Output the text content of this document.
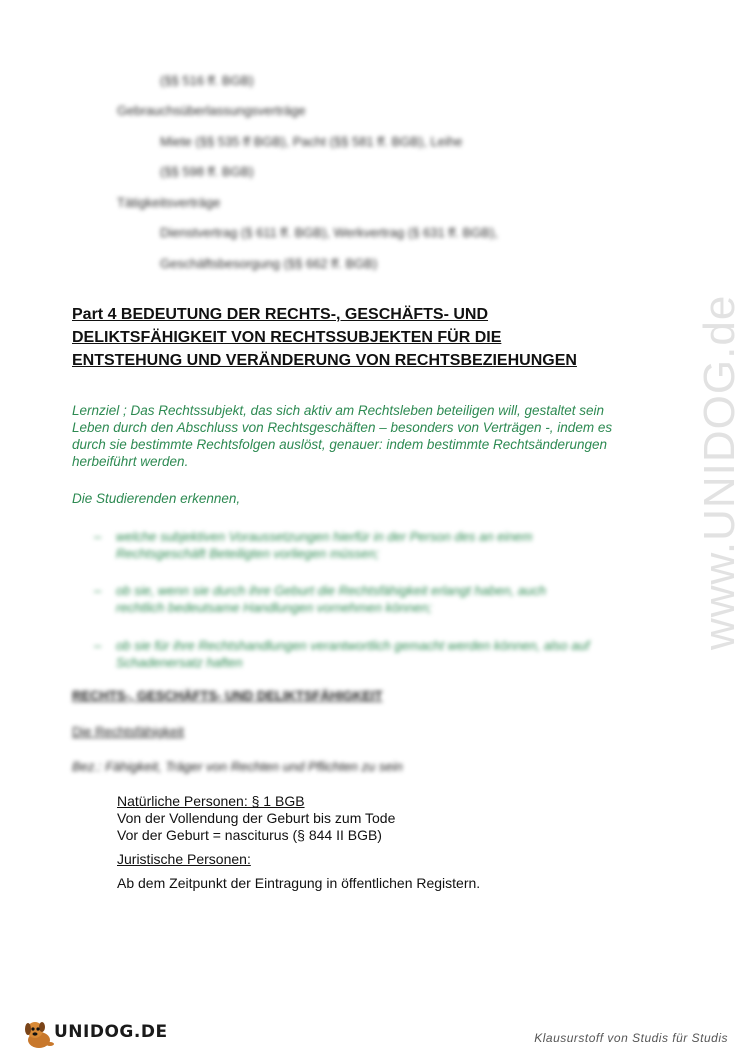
(§§ 516 ff. BGB)
Gebrauchsüberlassungsverträge
Miete (§§ 535 ff BGB), Pacht (§§ 581 ff. BGB), Leihe
(§§ 598 ff. BGB)
Tätigkeitsverträge
Dienstvertrag (§ 611 ff. BGB), Werkvertrag (§ 631 ff. BGB),
Geschäftsbesorgung (§§ 662 ff. BGB)
Part 4 BEDEUTUNG DER RECHTS-, GESCHÄFTS- UND
DELIKTSFÄHIGKEIT VON RECHTSSUBJEKTEN FÜR DIE
ENTSTEHUNG UND VERÄNDERUNG VON RECHTSBEZIEHUNGEN
Lernziel ; Das Rechtssubjekt, das sich aktiv am Rechtsleben beteiligen will, gestaltet sein
Leben durch den Abschluss von Rechtsgeschäften – besonders von Verträgen -, indem es
durch sie bestimmte Rechtsfolgen auslöst, genauer: indem bestimmte Rechtsänderungen
herbeiführt werden.
Die Studierenden erkennen,
– welche subjektiven Voraussetzungen hierfür in der Person des an einem
Rechtsgeschäft Beteiligten vorliegen müssen;
– ob sie, wenn sie durch ihre Geburt die Rechtsfähigkeit erlangt haben, auch
rechtlich bedeutsame Handlungen vornehmen können;
– ob sie für ihre Rechtshandlungen verantwortlich gemacht werden können, also auf
Schadenersatz haften
RECHTS-, GESCHÄFTS- UND DELIKTSFÄHIGKEIT
Die Rechtsfähigkeit
Bez.: Fähigkeit, Träger von Rechten und Pflichten zu sein
Natürliche Personen: § 1 BGB
Von der Vollendung der Geburt bis zum Tode
Vor der Geburt = nasciturus (§ 844 II BGB)
Juristische Personen:
Ab dem Zeitpunkt der Eintragung in öffentlichen Registern.
www.UNIDOG.de
UNIDOG.DE	Klausurstoff von Studis für Studis
